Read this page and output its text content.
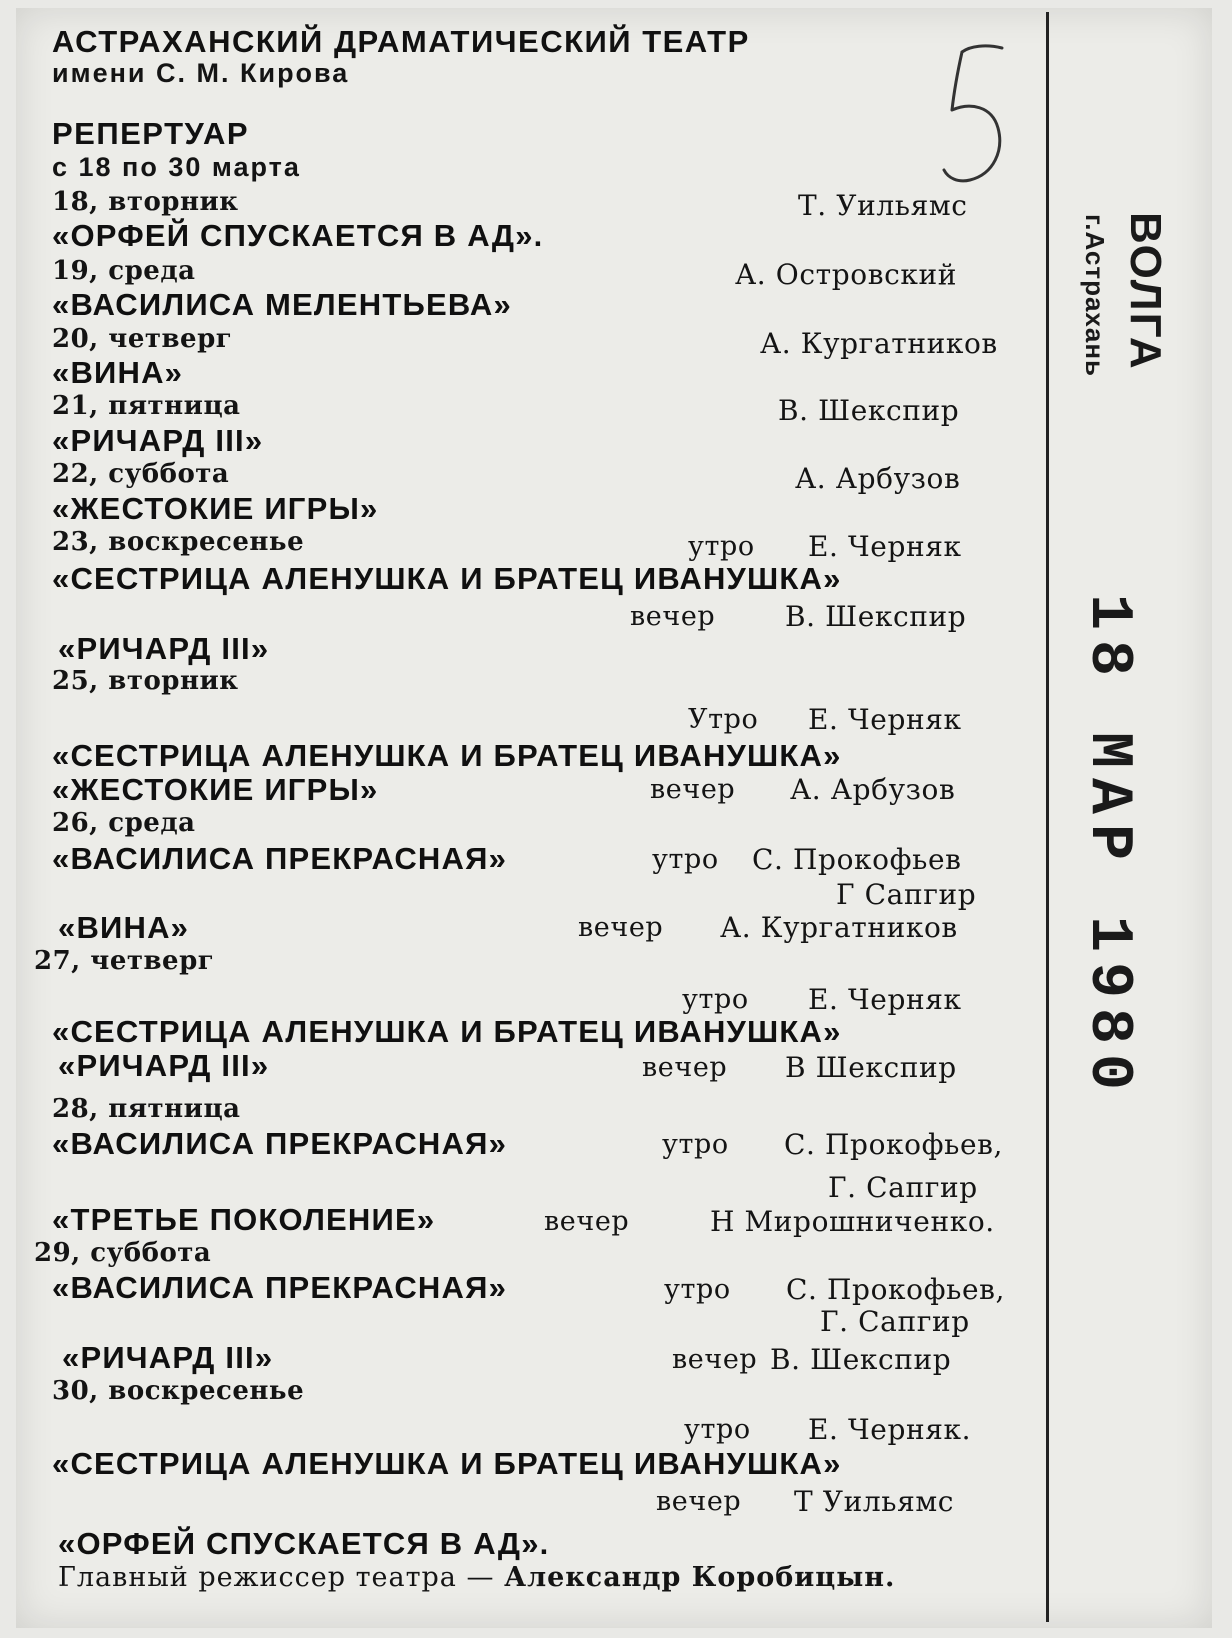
АСТРАХАНСКИЙ ДРАМАТИЧЕСКИЙ ТЕАТР
имени С. М. Кирова
РЕПЕРТУАР
с 18 по 30 марта
18, вторник	Т. Уильямс
«ОРФЕЙ СПУСКАЕТСЯ В АД».
19, среда	А. Островский
«ВАСИЛИСА МЕЛЕНТЬЕВА»
20, четверг	А. Кургатников
«ВИНА»
21, пятница	В. Шекспир
«РИЧАРД III»
22, суббота	А. Арбузов
«ЖЕСТОКИЕ ИГРЫ»
23, воскресенье	утро Е. Черняк
«СЕСТРИЦА АЛЕНУШКА И БРАТЕЦ ИВАНУШКА»
вечер В. Шекспир
«РИЧАРД III»
25, вторник
Утро Е. Черняк
«СЕСТРИЦА АЛЕНУШКА И БРАТЕЦ ИВАНУШКА»
«ЖЕСТОКИЕ ИГРЫ»	вечер А. Арбузов
26, среда
«ВАСИЛИСА ПРЕКРАСНАЯ»	утро С. Прокофьев
Г Сапгир
«ВИНА»	вечер А. Кургатников
27, четверг
утро Е. Черняк
«СЕСТРИЦА АЛЕНУШКА И БРАТЕЦ ИВАНУШКА»
«РИЧАРД III»	вечер В Шекспир
28, пятница
«ВАСИЛИСА ПРЕКРАСНАЯ»	утро С. Прокофьев,
Г. Сапгир
«ТРЕТЬЕ ПОКОЛЕНИЕ»	вечер	Н Мирошниченко.
29, суббота
«ВАСИЛИСА ПРЕКРАСНАЯ»	утро С. Прокофьев,
Г. Сапгир
«РИЧАРД III»	вечер В. Шекспир
30, воскресенье
утро Е. Черняк.
«СЕСТРИЦА АЛЕНУШКА И БРАТЕЦ ИВАНУШКА»
вечер Т Уильямс
«ОРФЕЙ СПУСКАЕТСЯ В АД».
Главный режиссер театра — Александр Коробицын.
ВОЛГА
г.Астрахань
18 МАР 1980
